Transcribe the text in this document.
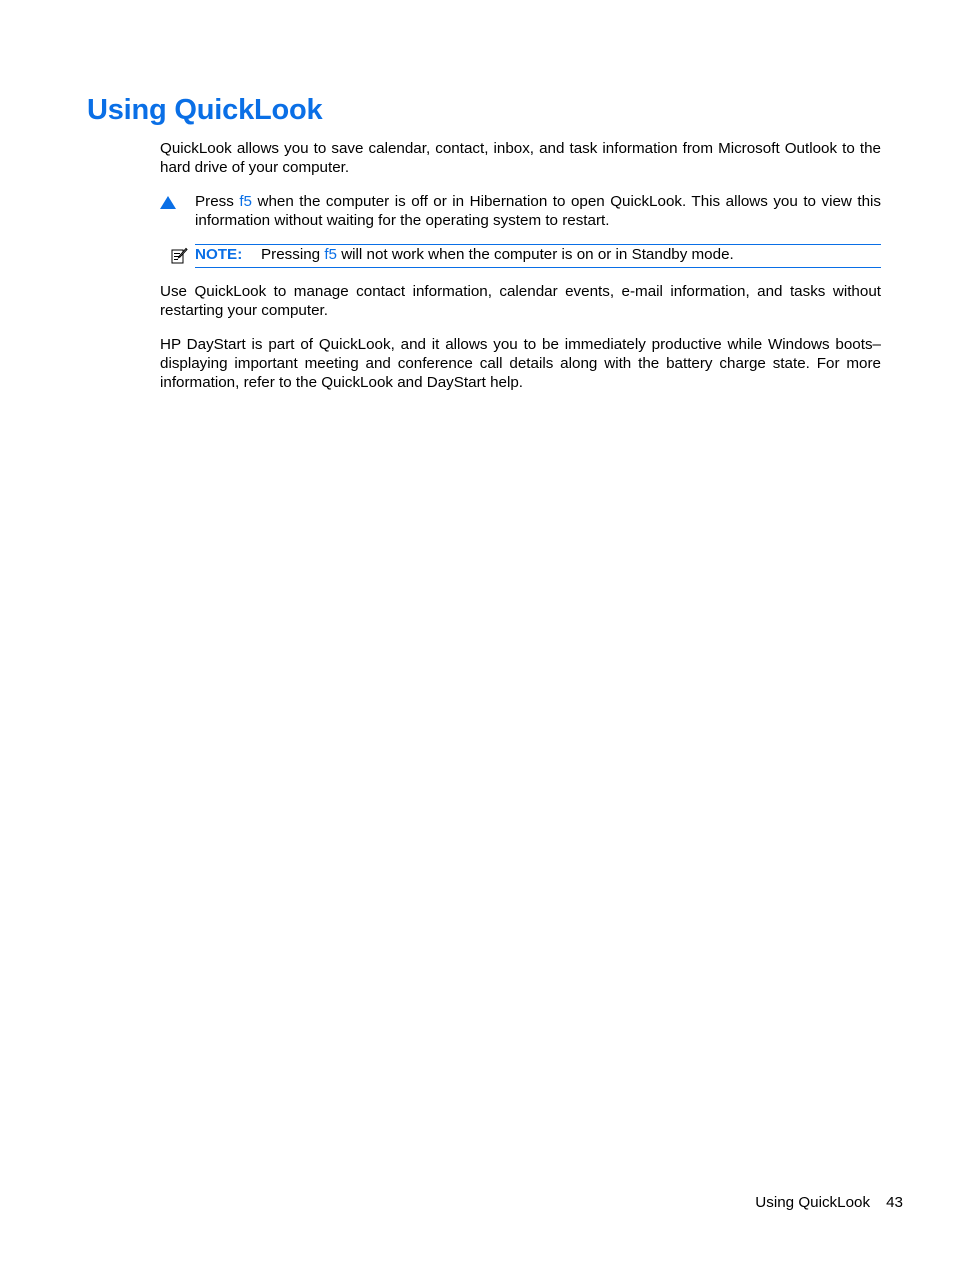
Using QuickLook

QuickLook allows you to save calendar, contact, inbox, and task information from Microsoft Outlook to the hard drive of your computer.

Press f5 when the computer is off or in Hibernation to open QuickLook. This allows you to view this information without waiting for the operating system to restart.

NOTE: Pressing f5 will not work when the computer is on or in Standby mode.

Use QuickLook to manage contact information, calendar events, e-mail information, and tasks without restarting your computer.

HP DayStart is part of QuickLook, and it allows you to be immediately productive while Windows boots–displaying important meeting and conference call details along with the battery charge state. For more information, refer to the QuickLook and DayStart help.

Using QuickLook 43
